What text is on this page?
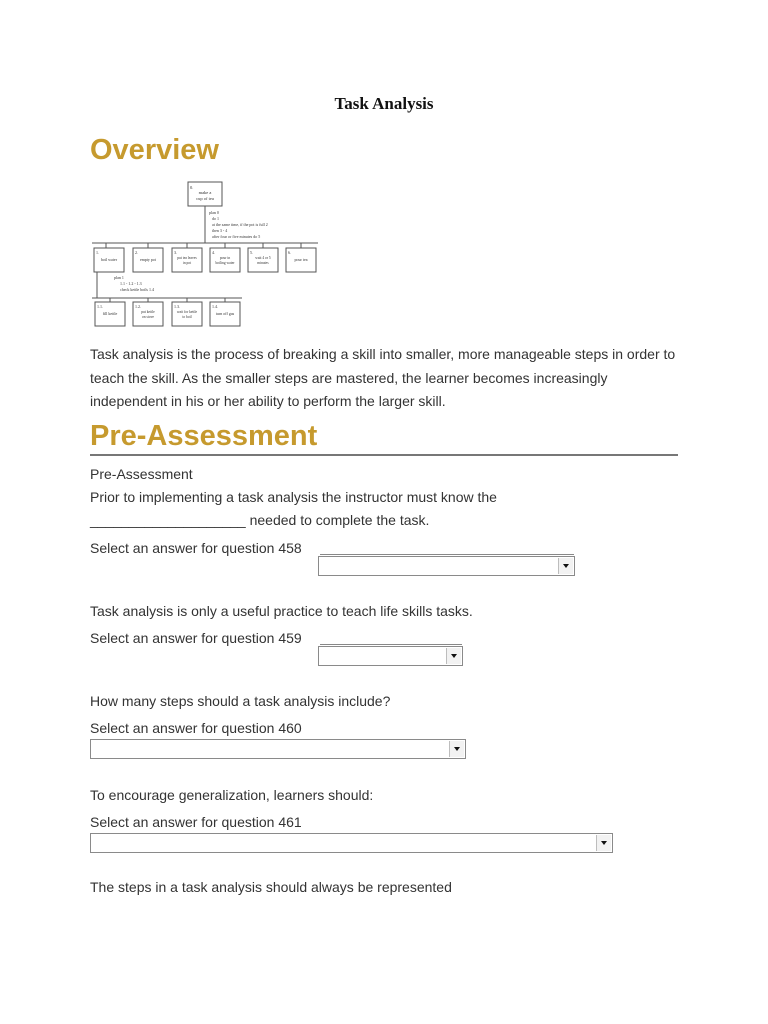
Task Analysis
Overview
0.
make a
cup of tea
plan 0
do 1
at the same time, if the pot is full 2
then 3 - 4
after four or five minutes do 5
1.
boil water
2.
empty pot
3.
put tea leaves
in pot
4.
pour in
boiling water
5.
wait 4 or 5
minutes
6.
pour tea
plan 1
1.1 - 1.2 - 1.3
check kettle boils 1.4
1.1.
fill kettle
1.2.
put kettle
on stove
1.3.
wait for kettle
to boil
1.4.
turn off gas
Task analysis is the process of breaking a skill into smaller, more manageable steps in order to teach the skill. As the smaller steps are mastered, the learner becomes increasingly independent in his or her ability to perform the larger skill.
Pre-Assessment
Pre-Assessment
Prior to implementing a task analysis the instructor must know the
____________________ needed to complete the task.
Select an answer for question 458
Task analysis is only a useful practice to teach life skills tasks.
Select an answer for question 459
How many steps should a task analysis include?
Select an answer for question 460
To encourage generalization, learners should:
Select an answer for question 461
The steps in a task analysis should always be represented
